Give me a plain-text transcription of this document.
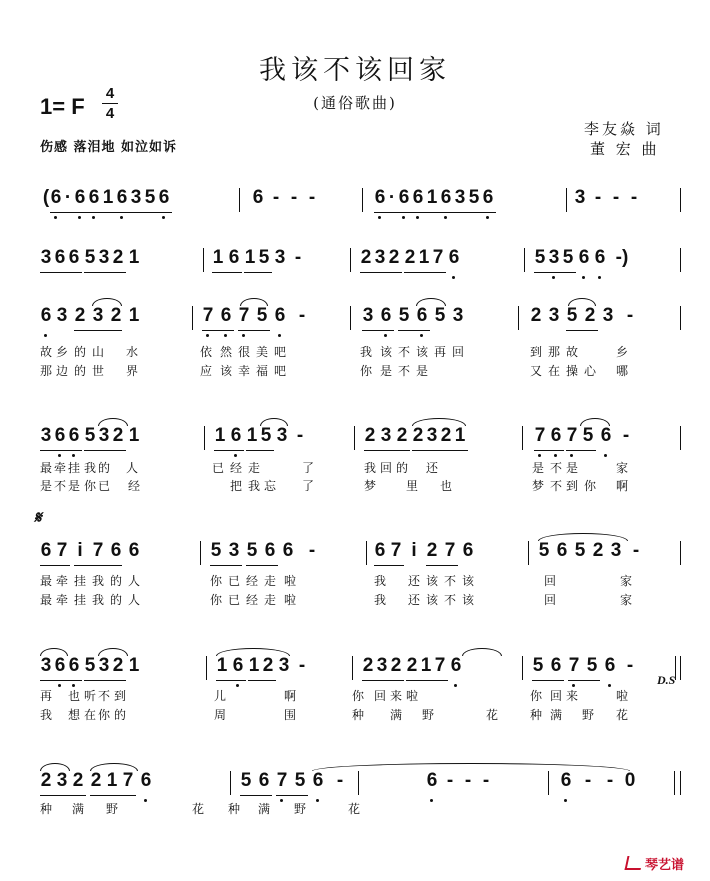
我该不该回家
(通俗歌曲)
1= F
4
4
伤感 落泪地 如泣如诉
李友焱 词
董 宏 曲
𝄋
D.S
琴艺谱
( 6 · 6 6 1 6 3 5 6	6 - - -	6 · 6 6 1 6 3 5 6	3 - - -
3 6 6 5 3 2 1	1 6 1 5 3 -	2 3 2 2 1 7 6	5 3 5 6 6 -)
6 3 2 3 2 1	7 6 7 5 6 -	3 6 5 6 5 3	2 3 5 2 3 -
3 6 6 5 3 2 1	1 6 1 5 3 -	2 3 2 2 3 2 1	7 6 7 5 6 -
6 7 i 7 6 6	5 3 5 6 6 -	6 7 i 2 7 6	5 6 5 2 3 -
3 6 6 5 3 2 1	1 6 1 2 3 -	2 3 2 2 1 7 6	5 6 7 5 6 -
2 3 2 2 1 7 6	5 6 7 5 6 -	6 - - -	6 - - 0
故 乡 的 山 水	依 然 很 美 吧	我 该 不 该 再 回	到 那 故	乡
那 边 的 世 界	应 该 幸 福 吧	你 是 不 是	又 在 操 心 哪
最 牵 挂 我 的 人	已 经 走	了	我 回 的 还	是 不 是	家
是 不 是 你 已 经	把 我 忘 了	梦 里 也	梦 不 到 你 啊
最 牵 挂 我 的 人	你 已 经 走 啦	我 还 该 不 该	回	家
最 牵 挂 我 的 人	你 已 经 走 啦	我 还 该 不 该	回	家
再 也 听 不 到	儿	啊	你 回 来 啦	你 回 来	啦
我 想 在 你 的	周	围	种 满 野	花	种 满 野 花
种 满 野	花 种 满 野	花
